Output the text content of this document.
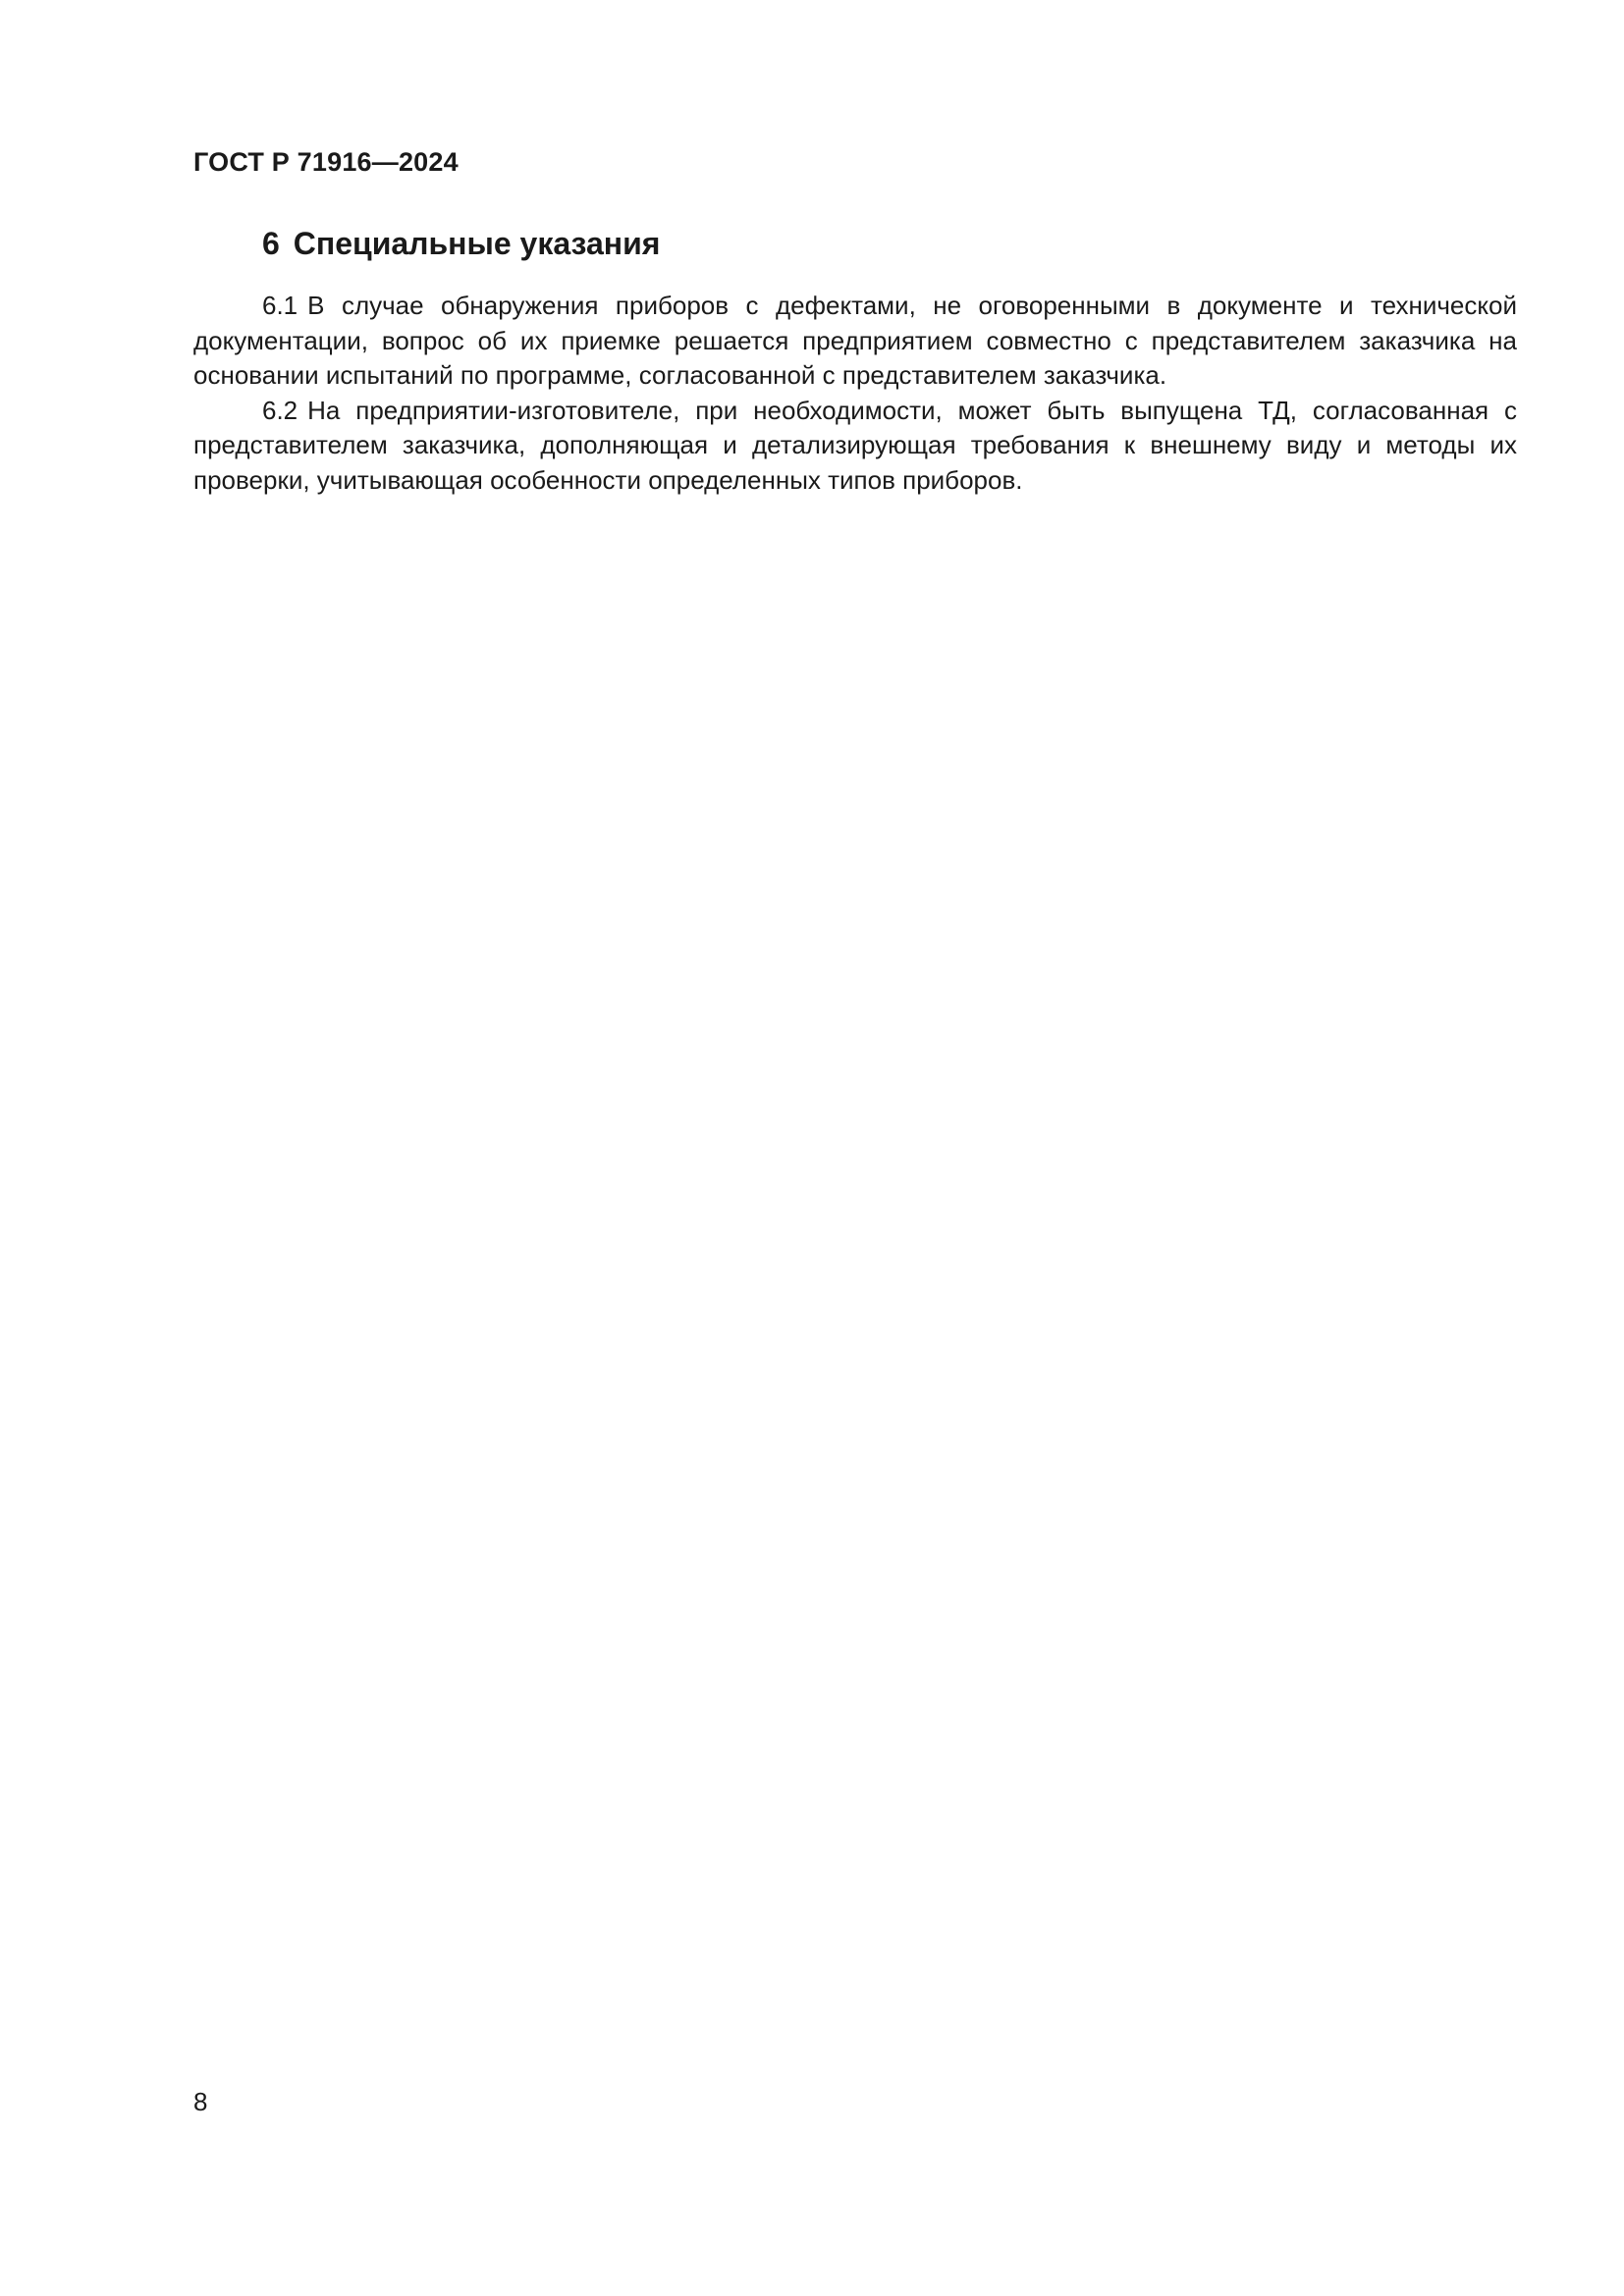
ГОСТ Р 71916—2024
6 Специальные указания

6.1 В случае обнаружения приборов с дефектами, не оговоренными в документе и технической документации, вопрос об их приемке решается предприятием совместно с представителем заказчика на основании испытаний по программе, согласованной с представителем заказчика.

6.2 На предприятии-изготовителе, при необходимости, может быть выпущена ТД, согласованная с представителем заказчика, дополняющая и детализирующая требования к внешнему виду и методы их проверки, учитывающая особенности определенных типов приборов.

8
